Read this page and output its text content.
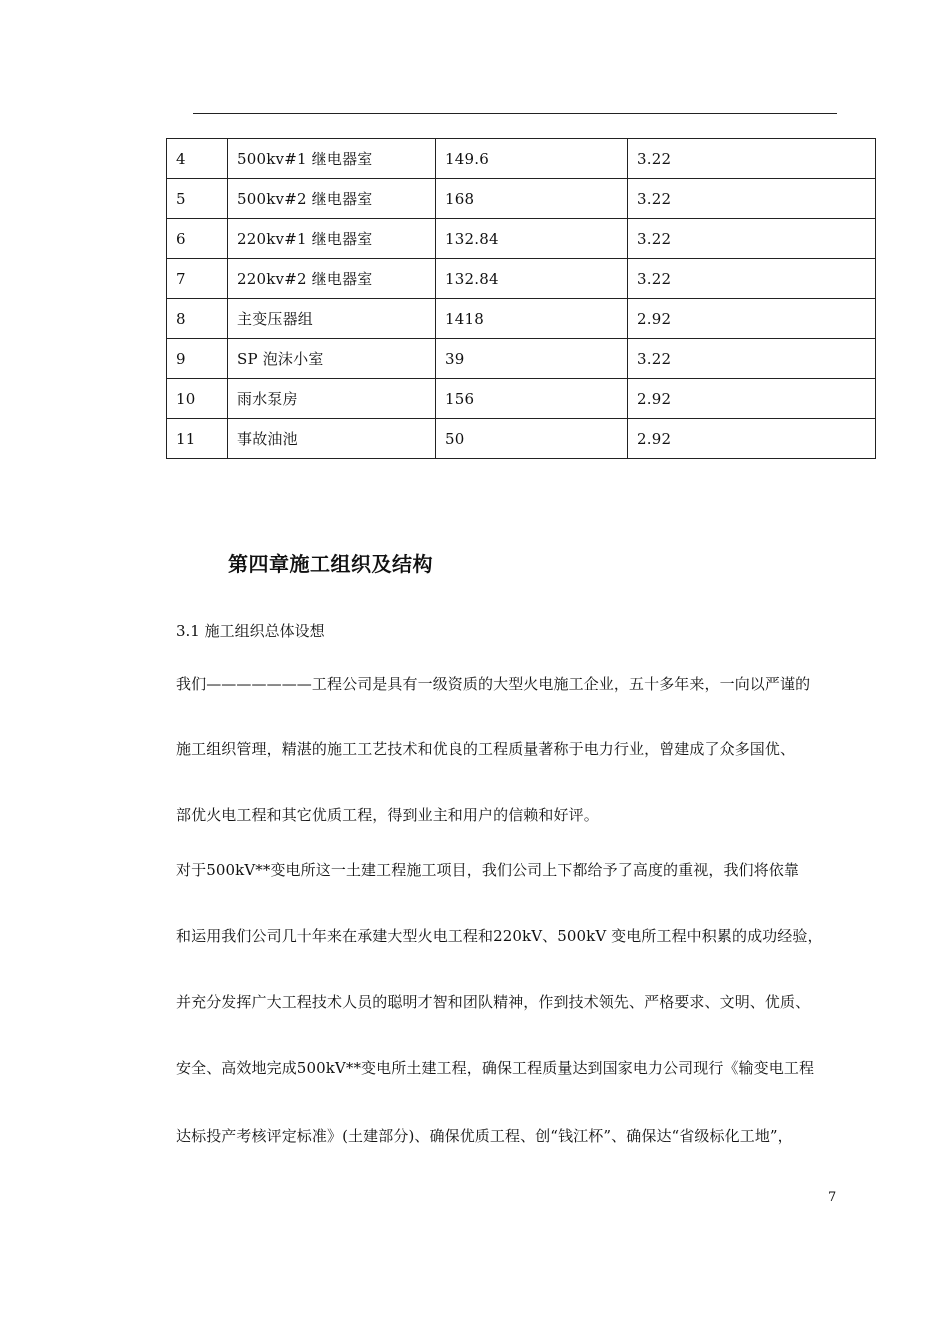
4	500kv#1 继电器室	149.6	3.22
5	500kv#2 继电器室	168	3.22
6	220kv#1 继电器室	132.84	3.22
7	220kv#2 继电器室	132.84	3.22
8	主变压器组	1418	2.92
9	SP 泡沫小室	39	3.22
10	雨水泵房	156	2.92
11	事故油池	50	2.92
第四章施工组织及结构
3.1 施工组织总体设想
我们———————工程公司是具有一级资质的大型火电施工企业，五十多年来，一向以严谨的
施工组织管理，精湛的施工工艺技术和优良的工程质量著称于电力行业，曾建成了众多国优、
部优火电工程和其它优质工程，得到业主和用户的信赖和好评。
对于500kV**变电所这一土建工程施工项目，我们公司上下都给予了高度的重视，我们将依靠
和运用我们公司几十年来在承建大型火电工程和220kV、500kV 变电所工程中积累的成功经验，
并充分发挥广大工程技术人员的聪明才智和团队精神，作到技术领先、严格要求、文明、优质、
安全、高效地完成500kV**变电所土建工程，确保工程质量达到国家电力公司现行《输变电工程
达标投产考核评定标准》(土建部分)、确保优质工程、创“钱江杯”、确保达“省级标化工地”，
7
